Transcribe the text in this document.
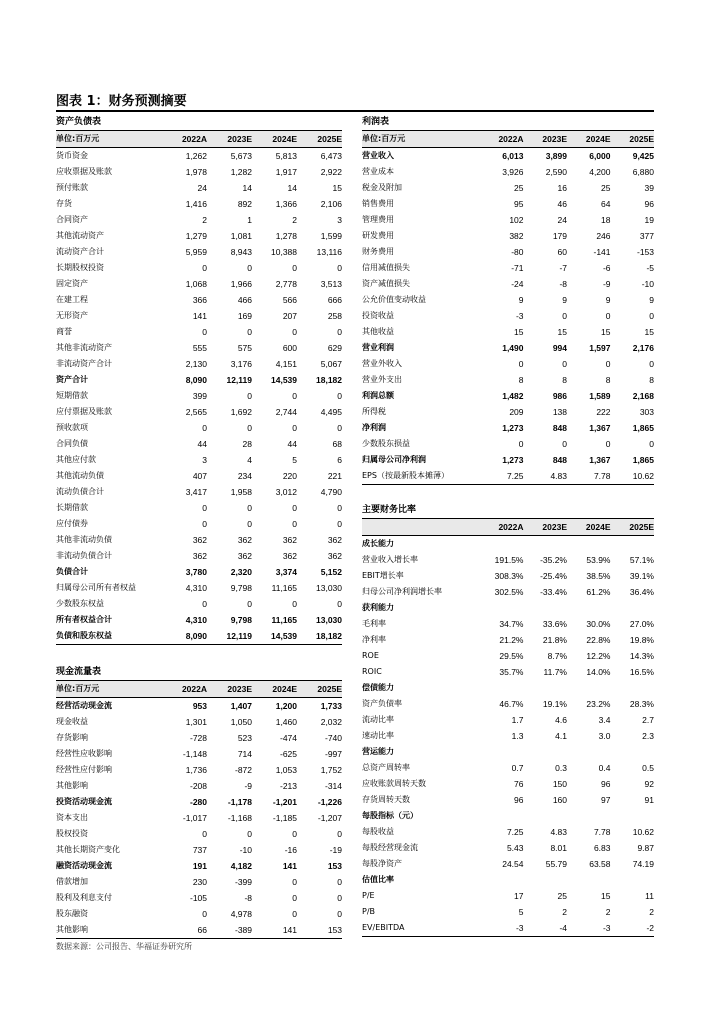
图表 1：财务预测摘要
资产负债表
单位:百万元	2022A	2023E	2024E	2025E
货币资金	1,262	5,673	5,813	6,473
应收票据及账款	1,978	1,282	1,917	2,922
预付账款	24	14	14	15
存货	1,416	892	1,366	2,106
合同资产	2	1	2	3
其他流动资产	1,279	1,081	1,278	1,599
流动资产合计	5,959	8,943	10,388	13,116
长期股权投资	0	0	0	0
固定资产	1,068	1,966	2,778	3,513
在建工程	366	466	566	666
无形资产	141	169	207	258
商誉	0	0	0	0
其他非流动资产	555	575	600	629
非流动资产合计	2,130	3,176	4,151	5,067
资产合计	8,090	12,119	14,539	18,182
短期借款	399	0	0	0
应付票据及账款	2,565	1,692	2,744	4,495
预收款项	0	0	0	0
合同负债	44	28	44	68
其他应付款	3	4	5	6
其他流动负债	407	234	220	221
流动负债合计	3,417	1,958	3,012	4,790
长期借款	0	0	0	0
应付债券	0	0	0	0
其他非流动负债	362	362	362	362
非流动负债合计	362	362	362	362
负债合计	3,780	2,320	3,374	5,152
归属母公司所有者权益	4,310	9,798	11,165	13,030
少数股东权益	0	0	0	0
所有者权益合计	4,310	9,798	11,165	13,030
负债和股东权益	8,090	12,119	14,539	18,182
现金流量表
单位:百万元	2022A	2023E	2024E	2025E
经营活动现金流	953	1,407	1,200	1,733
现金收益	1,301	1,050	1,460	2,032
存货影响	-728	523	-474	-740
经营性应收影响	-1,148	714	-625	-997
经营性应付影响	1,736	-872	1,053	1,752
其他影响	-208	-9	-213	-314
投资活动现金流	-280	-1,178	-1,201	-1,226
资本支出	-1,017	-1,168	-1,185	-1,207
股权投资	0	0	0	0
其他长期资产变化	737	-10	-16	-19
融资活动现金流	191	4,182	141	153
借款增加	230	-399	0	0
股利及利息支付	-105	-8	0	0
股东融资	0	4,978	0	0
其他影响	66	-389	141	153
利润表
单位:百万元	2022A	2023E	2024E	2025E
营业收入	6,013	3,899	6,000	9,425
营业成本	3,926	2,590	4,200	6,880
税金及附加	25	16	25	39
销售费用	95	46	64	96
管理费用	102	24	18	19
研发费用	382	179	246	377
财务费用	-80	60	-141	-153
信用减值损失	-71	-7	-6	-5
资产减值损失	-24	-8	-9	-10
公允价值变动收益	9	9	9	9
投资收益	-3	0	0	0
其他收益	15	15	15	15
营业利润	1,490	994	1,597	2,176
营业外收入	0	0	0	0
营业外支出	8	8	8	8
利润总额	1,482	986	1,589	2,168
所得税	209	138	222	303
净利润	1,273	848	1,367	1,865
少数股东损益	0	0	0	0
归属母公司净利润	1,273	848	1,367	1,865
EPS（按最新股本摊薄）	7.25	4.83	7.78	10.62
主要财务比率
2022A	2023E	2024E	2025E
成长能力
营业收入增长率	191.5%	-35.2%	53.9%	57.1%
EBIT增长率	308.3%	-25.4%	38.5%	39.1%
归母公司净利润增长率	302.5%	-33.4%	61.2%	36.4%
获利能力
毛利率	34.7%	33.6%	30.0%	27.0%
净利率	21.2%	21.8%	22.8%	19.8%
ROE	29.5%	8.7%	12.2%	14.3%
ROIC	35.7%	11.7%	14.0%	16.5%
偿债能力
资产负债率	46.7%	19.1%	23.2%	28.3%
流动比率	1.7	4.6	3.4	2.7
速动比率	1.3	4.1	3.0	2.3
营运能力
总资产周转率	0.7	0.3	0.4	0.5
应收账款周转天数	76	150	96	92
存货周转天数	96	160	97	91
每股指标（元）
每股收益	7.25	4.83	7.78	10.62
每股经营现金流	5.43	8.01	6.83	9.87
每股净资产	24.54	55.79	63.58	74.19
估值比率
P/E	17	25	15	11
P/B	5	2	2	2
EV/EBITDA	-3	-4	-3	-2
数据来源：公司报告、华福证券研究所
